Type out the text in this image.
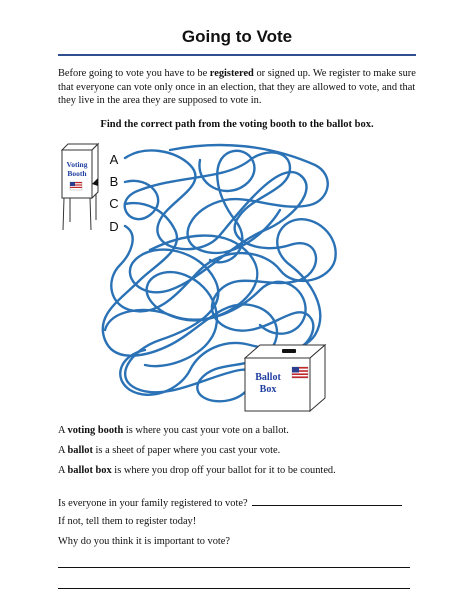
Going to Vote
Before going to vote you have to be registered or signed up. We register to make sure that everyone can vote only once in an election, that they are allowed to vote, and that they live in the area they are supposed to vote in.
Find the correct path from the voting booth to the ballot box.
Voting
Booth
A
B
C
D
Ballot
Box
A voting booth is where you cast your vote on a ballot.
A ballot is a sheet of paper where you cast your vote.
A ballot box is where you drop off your ballot for it to be counted.
Is everyone in your family registered to vote?
If not, tell them to register today!
Why do you think it is important to vote?
